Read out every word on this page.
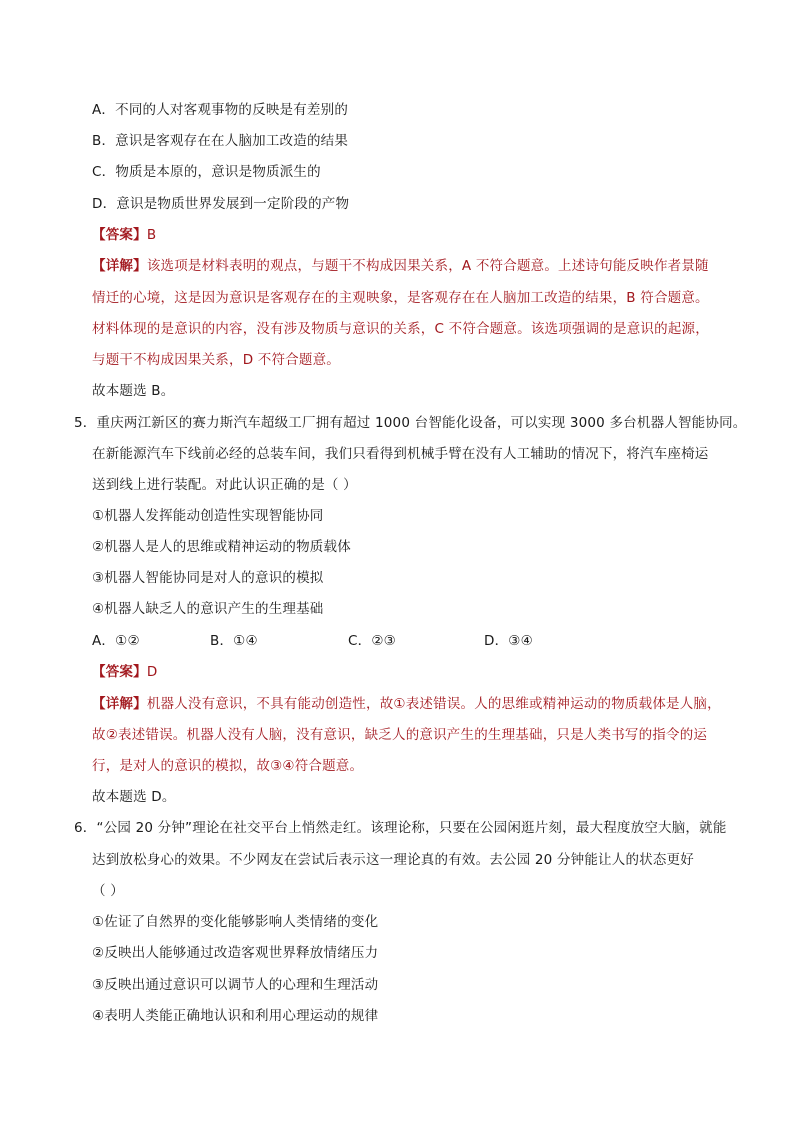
A．不同的人对客观事物的反映是有差别的
B．意识是客观存在在人脑加工改造的结果
C．物质是本原的，意识是物质派生的
D．意识是物质世界发展到一定阶段的产物
【答案】B
【详解】该选项是材料表明的观点，与题干不构成因果关系，A 不符合题意。上述诗句能反映作者景随
情迁的心境，这是因为意识是客观存在的主观映象，是客观存在在人脑加工改造的结果，B 符合题意。
材料体现的是意识的内容，没有涉及物质与意识的关系，C 不符合题意。该选项强调的是意识的起源，
与题干不构成因果关系，D 不符合题意。
故本题选 B。
5．重庆两江新区的赛力斯汽车超级工厂拥有超过 1000 台智能化设备，可以实现 3000 多台机器人智能协同。
在新能源汽车下线前必经的总装车间，我们只看得到机械手臂在没有人工辅助的情况下，将汽车座椅运
送到线上进行装配。对此认识正确的是（ ）
①机器人发挥能动创造性实现智能协同
②机器人是人的思维或精神运动的物质载体
③机器人智能协同是对人的意识的模拟
④机器人缺乏人的意识产生的生理基础
A．①②	B．①④	C．②③	D．③④
【答案】D
【详解】机器人没有意识，不具有能动创造性，故①表述错误。人的思维或精神运动的物质载体是人脑，
故②表述错误。机器人没有人脑，没有意识，缺乏人的意识产生的生理基础，只是人类书写的指令的运
行，是对人的意识的模拟，故③④符合题意。
故本题选 D。
6．“公园 20 分钟”理论在社交平台上悄然走红。该理论称，只要在公园闲逛片刻，最大程度放空大脑，就能
达到放松身心的效果。不少网友在尝试后表示这一理论真的有效。去公园 20 分钟能让人的状态更好
（ ）
①佐证了自然界的变化能够影响人类情绪的变化
②反映出人能够通过改造客观世界释放情绪压力
③反映出通过意识可以调节人的心理和生理活动
④表明人类能正确地认识和利用心理运动的规律
